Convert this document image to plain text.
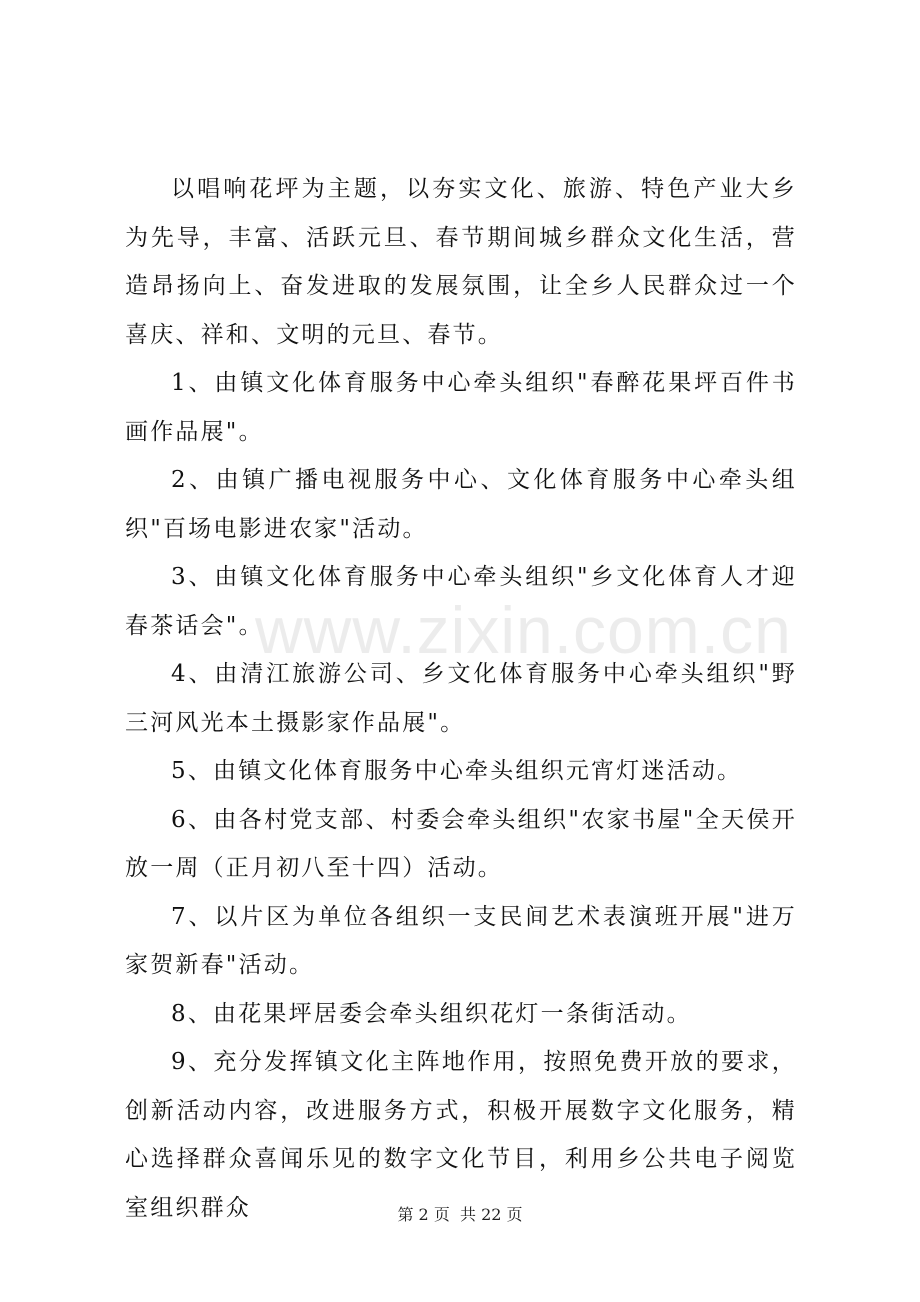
www.zixin.com.cn

以唱响花坪为主题，以夯实文化、旅游、特色产业大乡为先导，丰富、活跃元旦、春节期间城乡群众文化生活，营造昂扬向上、奋发进取的发展氛围，让全乡人民群众过一个喜庆、祥和、文明的元旦、春节。

1、由镇文化体育服务中心牵头组织"春醉花果坪百件书画作品展"。

2、由镇广播电视服务中心、文化体育服务中心牵头组织"百场电影进农家"活动。

3、由镇文化体育服务中心牵头组织"乡文化体育人才迎春茶话会"。

4、由清江旅游公司、乡文化体育服务中心牵头组织"野三河风光本土摄影家作品展"。

5、由镇文化体育服务中心牵头组织元宵灯迷活动。

6、由各村党支部、村委会牵头组织"农家书屋"全天侯开放一周（正月初八至十四）活动。

7、以片区为单位各组织一支民间艺术表演班开展"进万家贺新春"活动。

8、由花果坪居委会牵头组织花灯一条街活动。

9、充分发挥镇文化主阵地作用，按照免费开放的要求，创新活动内容，改进服务方式，积极开展数字文化服务，精心选择群众喜闻乐见的数字文化节目，利用乡公共电子阅览室组织群众	第 2 页  共 22 页
